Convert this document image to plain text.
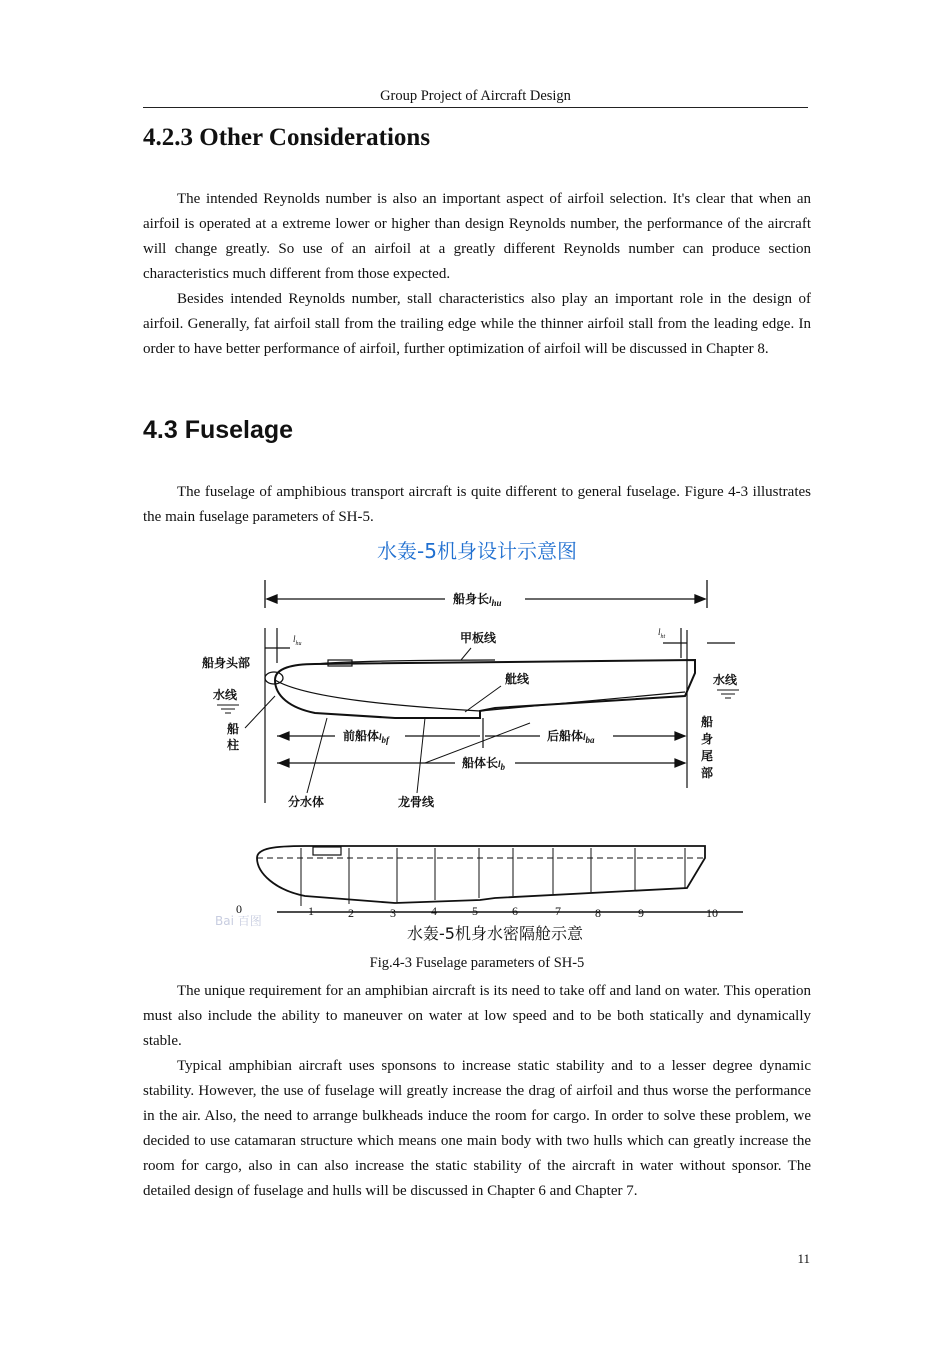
Group Project of Aircraft Design
4.2.3 Other Considerations

The intended Reynolds number is also an important aspect of airfoil selection. It's clear that when an airfoil is operated at a extreme lower or higher than design Reynolds number, the performance of the aircraft will change greatly. So use of an airfoil at a greatly different Reynolds number can produce section characteristics much different from those expected.

Besides intended Reynolds number, stall characteristics also play an important role in the design of airfoil. Generally, fat airfoil stall from the trailing edge while the thinner airfoil stall from the leading edge. In order to have better performance of airfoil, further optimization of airfoil will be discussed in Chapter 8.

4.3 Fuselage

The fuselage of amphibious transport aircraft is quite different to general fuselage. Figure 4-3 illustrates the main fuselage parameters of SH-5.

水轰-5机身设计示意图
船身长$l_{hu}$
$l_{hu}$
$l_{ht}$
甲板线
船身头部
水线
水线
舭线
前船体$l_{bf}$	后船体$l_{ba}$
船体长$l_b$
船
柱
船
身
尾
部
分水体	龙骨线
0	1	2	3	4	5	6	7	8	9	10
Bai 百图
水轰-5机身水密隔舱示意
Fig.4-3 Fuselage parameters of SH-5

The unique requirement for an amphibian aircraft is its need to take off and land on water. This operation must also include the ability to maneuver on water at low speed and to be both statically and dynamically stable.

Typical amphibian aircraft uses sponsons to increase static stability and to a lesser degree dynamic stability. However, the use of fuselage will greatly increase the drag of airfoil and thus worse the performance in the air. Also, the need to arrange bulkheads induce the room for cargo. In order to solve these problem, we decided to use catamaran structure which means one main body with two hulls which can greatly increase the room for cargo, also in can also increase the static stability of the aircraft in water without sponsor. The detailed design of fuselage and hulls will be discussed in Chapter 6 and Chapter 7.

11
